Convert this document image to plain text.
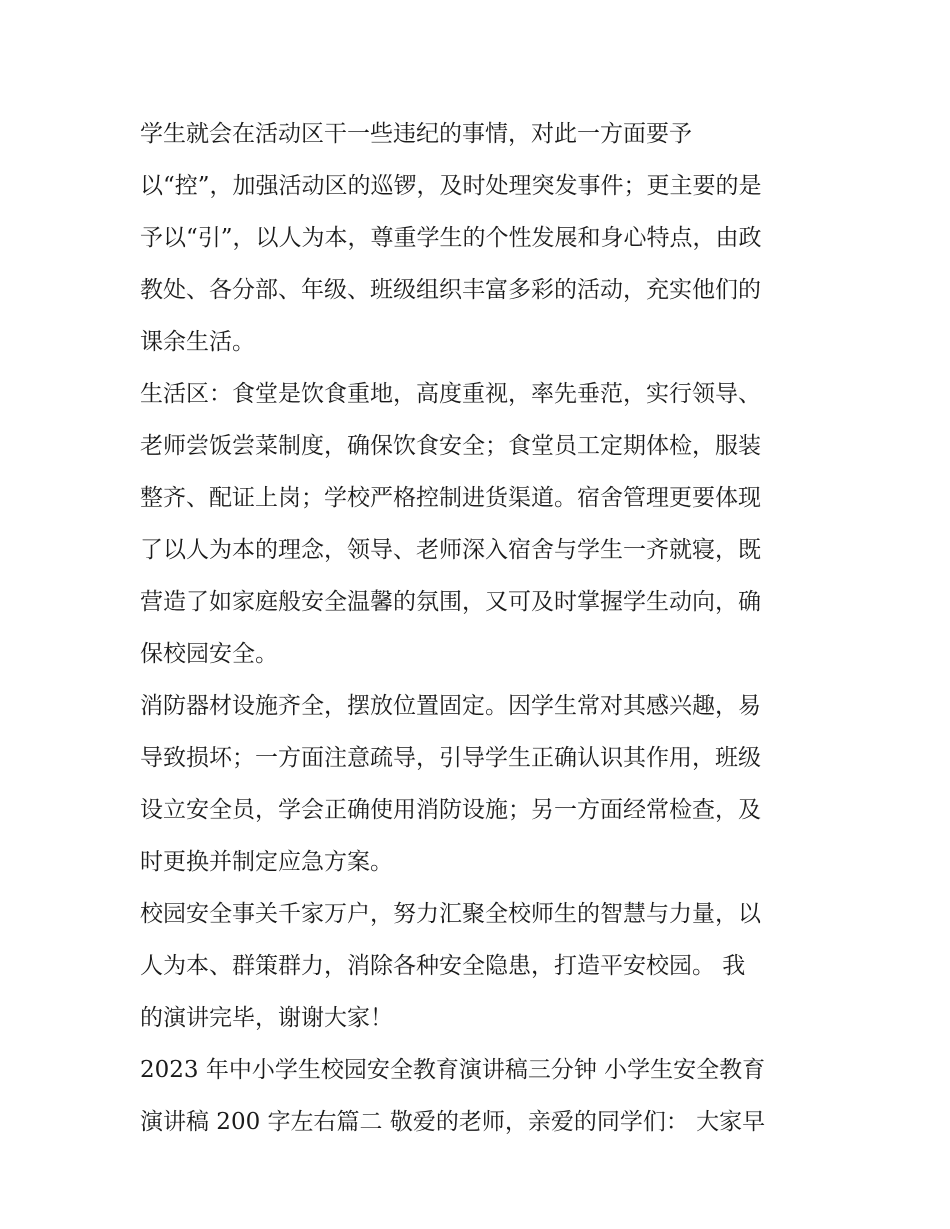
学生就会在活动区干一些违纪的事情，对此一方面要予
以“控”，加强活动区的巡锣，及时处理突发事件；更主要的是
予以“引”，以人为本，尊重学生的个性发展和身心特点，由政
教处、各分部、年级、班级组织丰富多彩的活动，充实他们的
课余生活。
生活区：食堂是饮食重地，高度重视，率先垂范，实行领导、
老师尝饭尝菜制度，确保饮食安全；食堂员工定期体检，服装
整齐、配证上岗；学校严格控制进货渠道。宿舍管理更要体现
了以人为本的理念，领导、老师深入宿舍与学生一齐就寝，既
营造了如家庭般安全温馨的氛围，又可及时掌握学生动向，确
保校园安全。
消防器材设施齐全，摆放位置固定。因学生常对其感兴趣，易
导致损坏；一方面注意疏导，引导学生正确认识其作用，班级
设立安全员，学会正确使用消防设施；另一方面经常检查，及
时更换并制定应急方案。
校园安全事关千家万户，努力汇聚全校师生的智慧与力量，以
人为本、群策群力，消除各种安全隐患，打造平安校园。 我
的演讲完毕，谢谢大家！
2023 年中小学生校园安全教育演讲稿三分钟 小学生安全教育
演讲稿 200 字左右篇二 敬爱的老师，亲爱的同学们： 大家早
